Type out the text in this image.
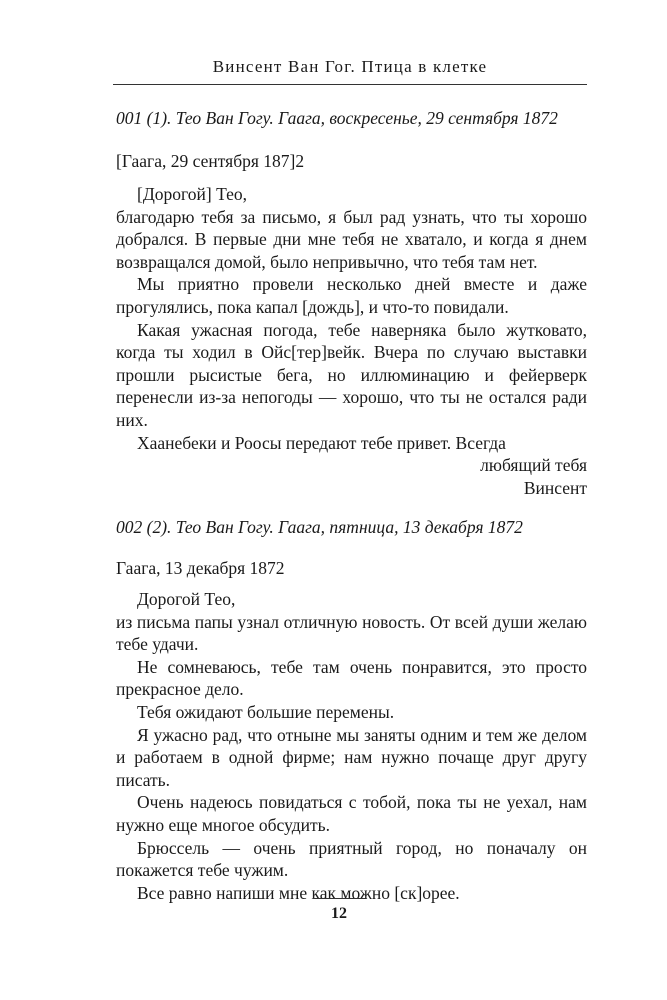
Винсент Ван Гог. Птица в клетке
001 (1). Тео Ван Гогу. Гаага, воскресенье, 29 сентября 1872
[Гаага, 29 сентября 187]2

[Дорогой] Тео,

благодарю тебя за письмо, я был рад узнать, что ты хорошо добрался. В первые дни мне тебя не хватало, и когда я днем возвращался домой, было непривычно, что тебя там нет.

Мы приятно провели несколько дней вместе и даже прогулялись, пока капал [дождь], и что-то повидали.

Какая ужасная погода, тебе наверняка было жутковато, когда ты ходил в Ойс[тер]вейк. Вчера по случаю выставки прошли рысистые бега, но иллюминацию и фейерверк перенесли из-за непогоды — хорошо, что ты не остался ради них.

Хаанебеки и Роосы передают тебе привет. Всегда

любящий тебя

Винсент

002 (2). Тео Ван Гогу. Гаага, пятница, 13 декабря 1872
Гаага, 13 декабря 1872

Дорогой Тео,

из письма папы узнал отличную новость. От всей души желаю тебе удачи.

Не сомневаюсь, тебе там очень понравится, это просто прекрасное дело.

Тебя ожидают большие перемены.

Я ужасно рад, что отныне мы заняты одним и тем же делом и работаем в одной фирме; нам нужно почаще друг другу писать.

Очень надеюсь повидаться с тобой, пока ты не уехал, нам нужно еще многое обсудить.

Брюссель — очень приятный город, но поначалу он покажется тебе чужим.

Все равно напиши мне как можно [ск]орее.

12
